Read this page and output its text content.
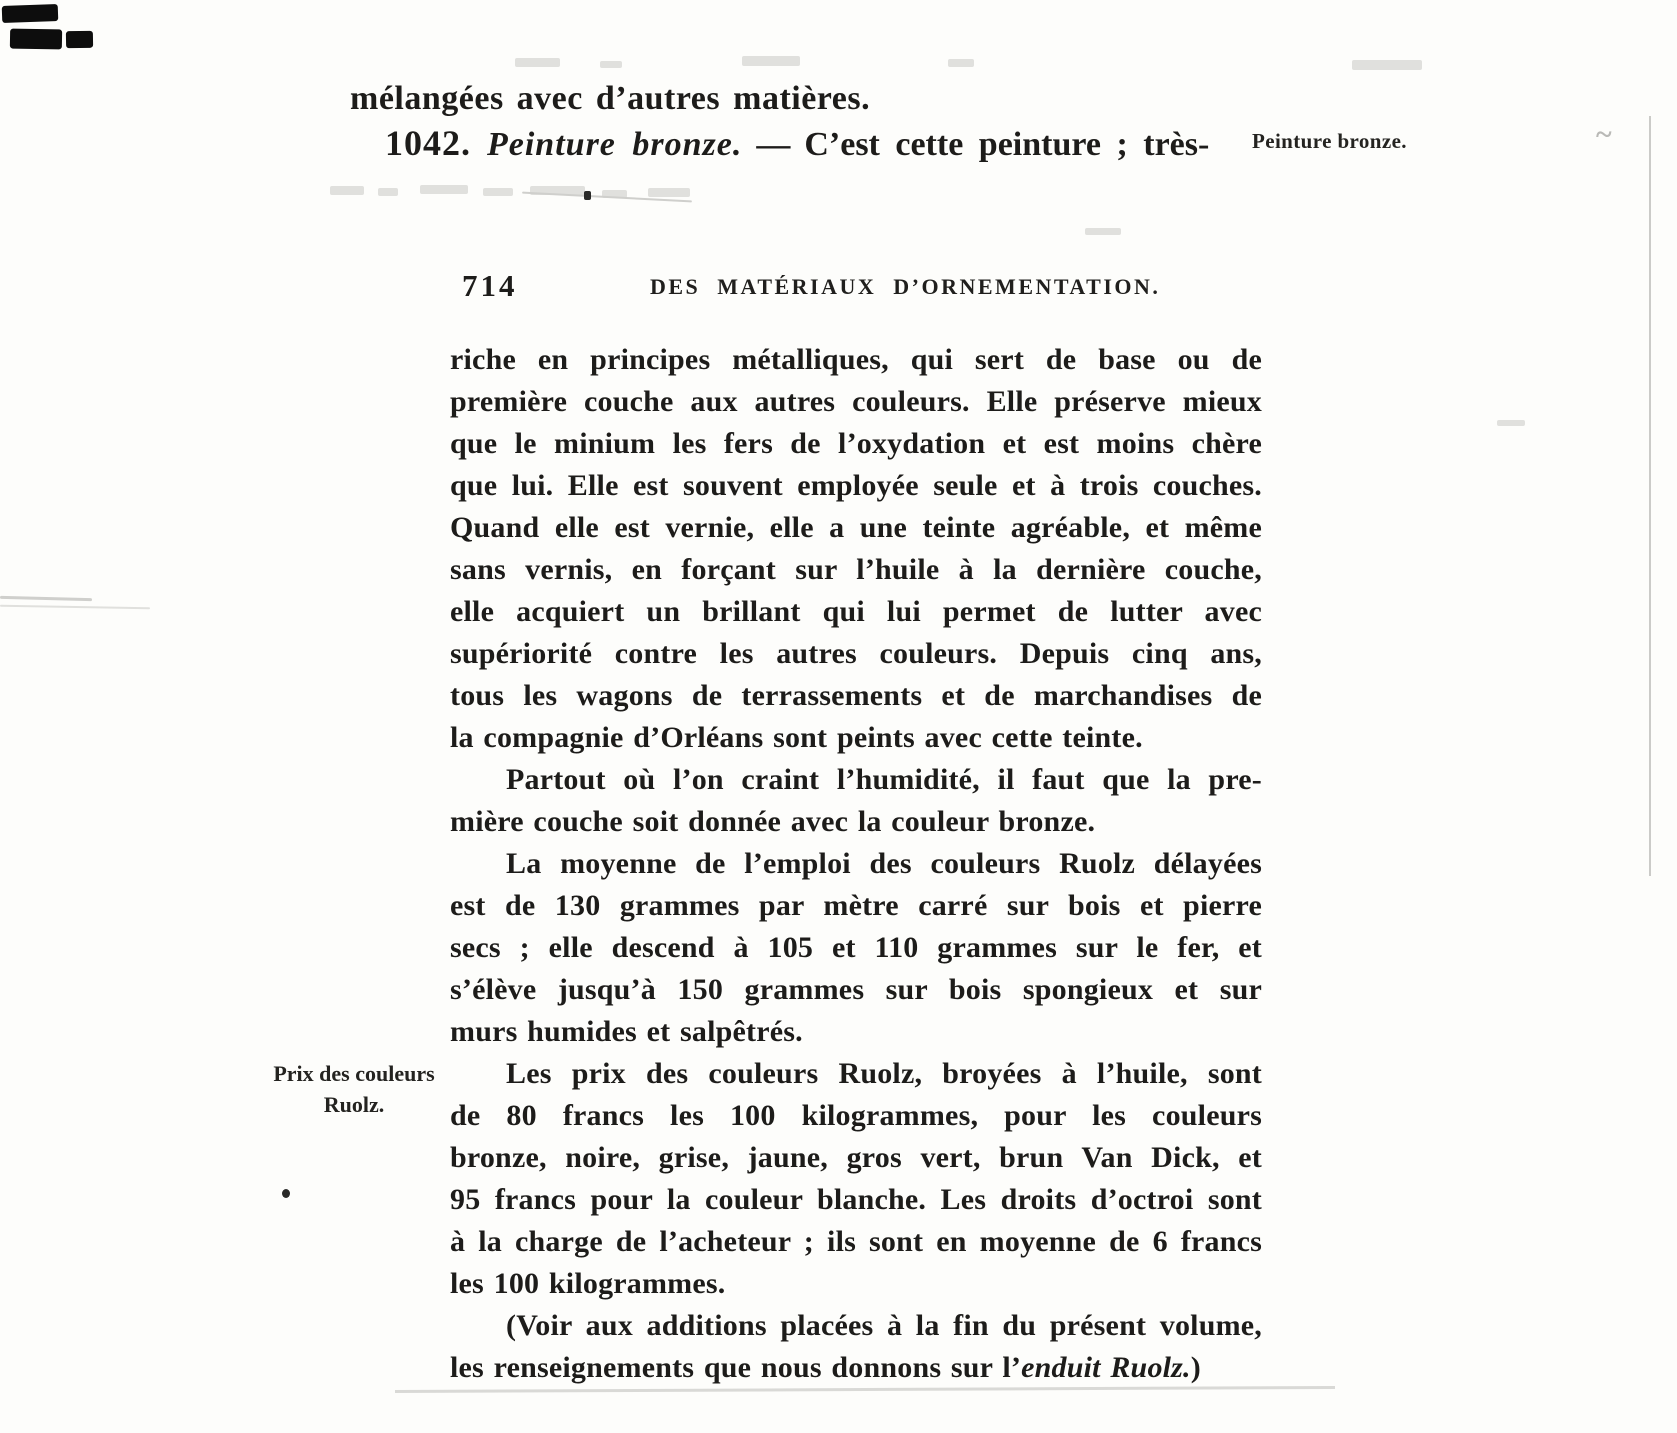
~
mélangées avec d’autres matières.
1042. Peinture bronze. — C’est cette peinture ; très- Peinture bronze.
714	DES MATÉRIAUX D’ORNEMENTATION.
Prix des couleurs
Ruolz.
riche en principes métalliques, qui sert de base ou de
première couche aux autres couleurs. Elle préserve mieux
que le minium les fers de l’oxydation et est moins chère
que lui. Elle est souvent employée seule et à trois couches.
Quand elle est vernie, elle a une teinte agréable, et même
sans vernis, en forçant sur l’huile à la dernière couche,
elle acquiert un brillant qui lui permet de lutter avec
supériorité contre les autres couleurs. Depuis cinq ans,
tous les wagons de terrassements et de marchandises de
la compagnie d’Orléans sont peints avec cette teinte.
Partout où l’on craint l’humidité, il faut que la pre-
mière couche soit donnée avec la couleur bronze.
La moyenne de l’emploi des couleurs Ruolz délayées
est de 130 grammes par mètre carré sur bois et pierre
secs ; elle descend à 105 et 110 grammes sur le fer, et
s’élève jusqu’à 150 grammes sur bois spongieux et sur
murs humides et salpêtrés.
Les prix des couleurs Ruolz, broyées à l’huile, sont
de 80 francs les 100 kilogrammes, pour les couleurs
bronze, noire, grise, jaune, gros vert, brun Van Dick, et
95 francs pour la couleur blanche. Les droits d’octroi sont
à la charge de l’acheteur ; ils sont en moyenne de 6 francs
les 100 kilogrammes.
(Voir aux additions placées à la fin du présent volume,
les renseignements que nous donnons sur l’enduit Ruolz.)
